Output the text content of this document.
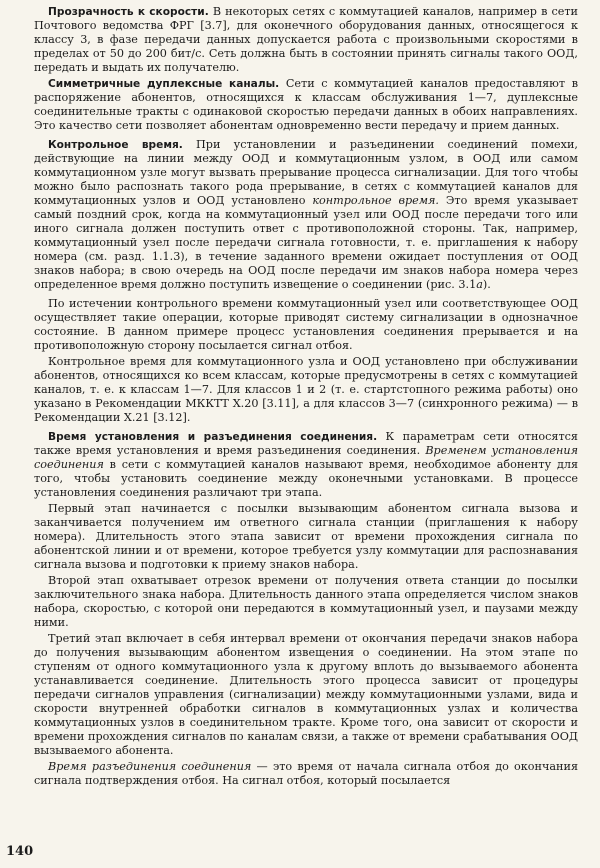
Прозрачность к скорости. В некоторых сетях с коммутацией каналов, например в сети Почтового ведомства ФРГ [3.7], для оконечного оборудования данных, относящегося к классу 3, в фазе передачи данных допускается работа с произвольными скоростями в пределах от 50 до 200 бит/с. Сеть должна быть в состоянии принять сигналы такого ООД, передать и выдать их получателю.

Симметричные дуплексные каналы. Сети с коммутацией каналов предоставляют в распоряжение абонентов, относящихся к классам обслуживания 1—7, дуплексные соединительные тракты с одинаковой скоростью передачи данных в обоих направлениях. Это качество сети позволяет абонентам одновременно вести передачу и прием данных.

Контрольное время. При установлении и разъединении соединений помехи, действующие на линии между ООД и коммутационным узлом, в ООД или самом коммутационном узле могут вызвать прерывание процесса сигнализации. Для того чтобы можно было распознать такого рода прерывание, в сетях с коммутацией каналов для коммутационных узлов и ООД установлено контрольное время. Это время указывает самый поздний срок, когда на коммутационный узел или ООД после передачи того или иного сигнала должен поступить ответ с противоположной стороны. Так, например, коммутационный узел после передачи сигнала готовности, т. е. приглашения к набору номера (см. разд. 1.1.3), в течение заданного времени ожидает поступления от ООД знаков набора; в свою очередь на ООД после передачи им знаков набора номера через определенное время должно поступить извещение о соединении (рис. 3.1а).

По истечении контрольного времени коммутационный узел или соответствующее ООД осуществляет такие операции, которые приводят систему сигнализации в однозначное состояние. В данном примере процесс установления соединения прерывается и на противоположную сторону посылается сигнал отбоя.

Контрольное время для коммутационного узла и ООД установлено при обслуживании абонентов, относящихся ко всем классам, которые предусмотрены в сетях с коммутацией каналов, т. е. к классам 1—7. Для классов 1 и 2 (т. е. стартстопного режима работы) оно указано в Рекомендации МККТТ X.20 [3.11], а для классов 3—7 (синхронного режима) — в Рекомендации X.21 [3.12].

Время установления и разъединения соединения. К параметрам сети относятся также время установления и время разъединения соединения. Временем установления соединения в сети с коммутацией каналов называют время, необходимое абоненту для того, чтобы установить соединение между оконечными установками. В процессе установления соединения различают три этапа.

Первый этап начинается с посылки вызывающим абонентом сигнала вызова и заканчивается получением им ответного сигнала станции (приглашения к набору номера). Длительность этого этапа зависит от времени прохождения сигнала по абонентской линии и от времени, которое требуется узлу коммутации для распознавания сигнала вызова и подготовки к приему знаков набора.

Второй этап охватывает отрезок времени от получения ответа станции до посылки заключительного знака набора. Длительность данного этапа определяется числом знаков набора, скоростью, с которой они передаются в коммутационный узел, и паузами между ними.

Третий этап включает в себя интервал времени от окончания передачи знаков набора до получения вызывающим абонентом извещения о соединении. На этом этапе по ступеням от одного коммутационного узла к другому вплоть до вызываемого абонента устанавливается соединение. Длительность этого процесса зависит от процедуры передачи сигналов управления (сигнализации) между коммутационными узлами, вида и скорости внутренней обработки сигналов в коммутационных узлах и количества коммутационных узлов в соединительном тракте. Кроме того, она зависит от скорости и времени прохождения сигналов по каналам связи, а также от времени срабатывания ООД вызываемого абонента.

Время разъединения соединения — это время от начала сигнала отбоя до окончания сигнала подтверждения отбоя. На сигнал отбоя, который посылается

140
